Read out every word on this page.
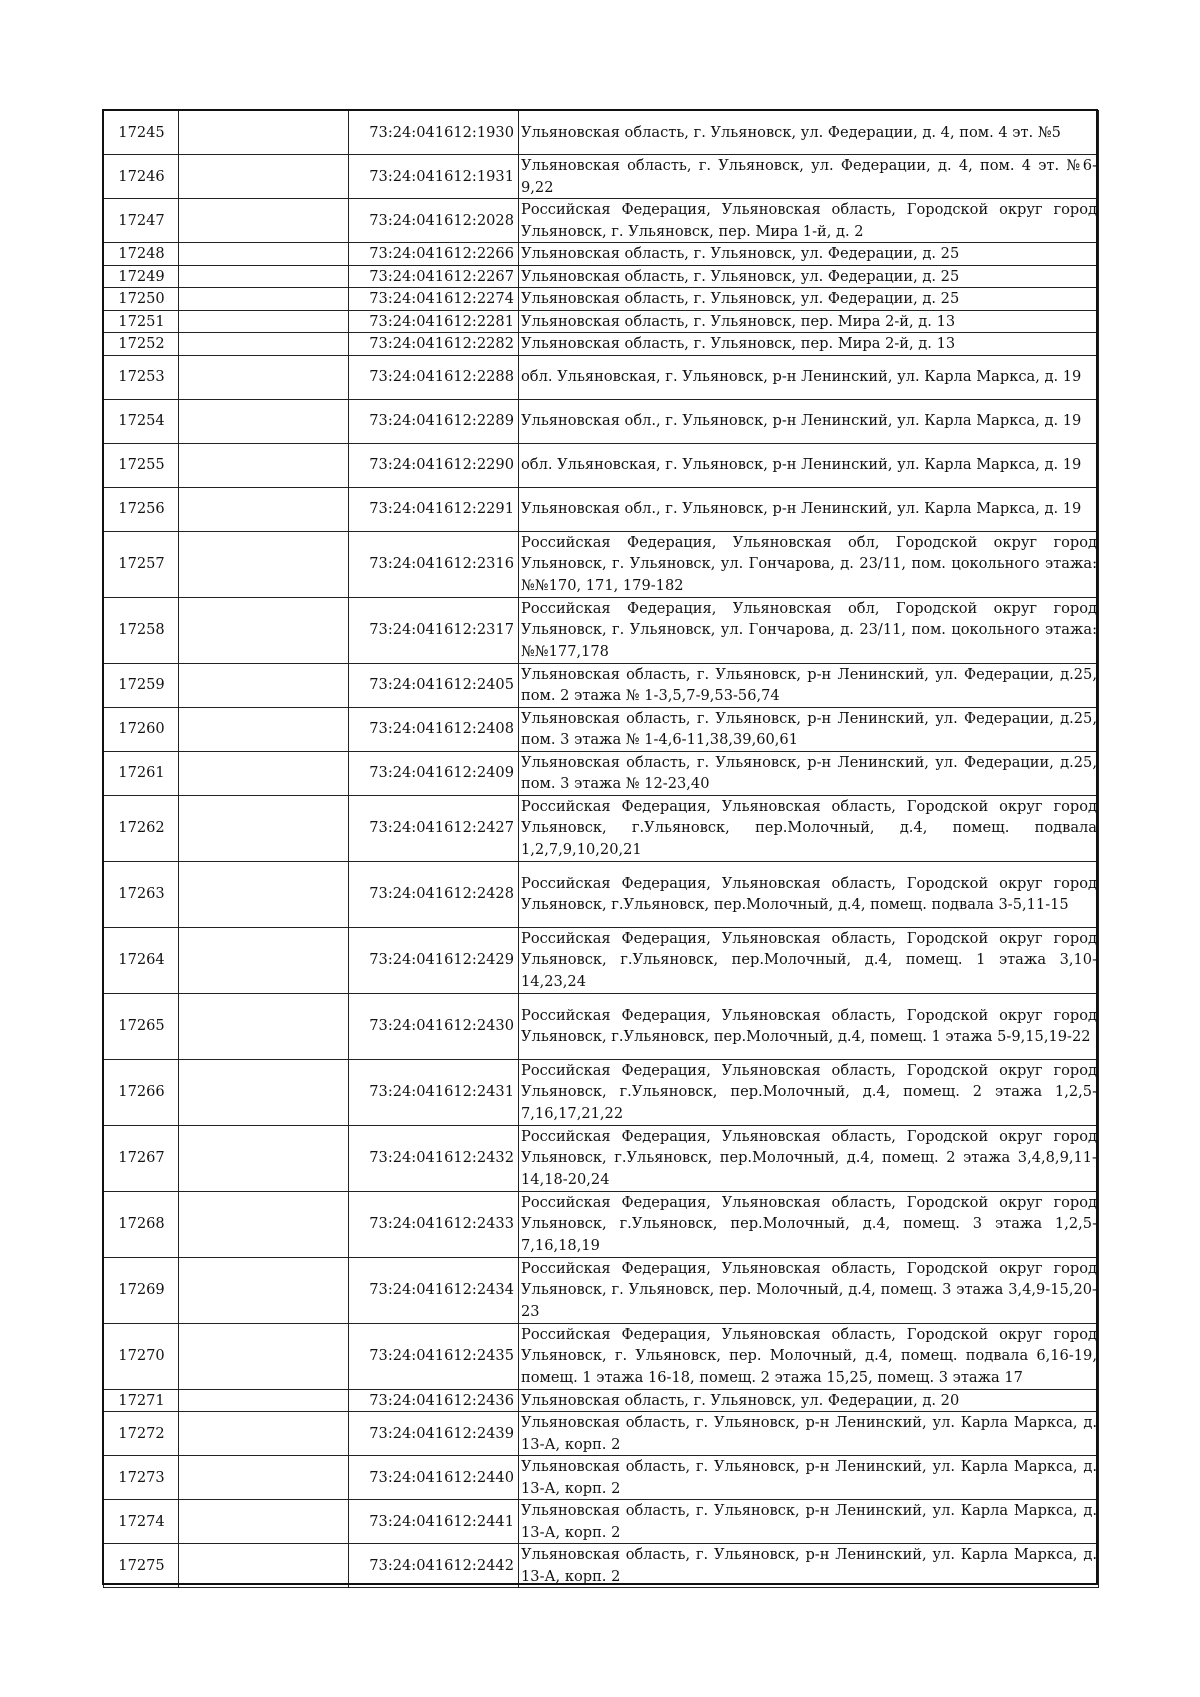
17245		73:24:041612:1930	Ульяновская область, г. Ульяновск, ул. Федерации, д. 4, пом. 4 эт. №5
17246		73:24:041612:1931	Ульяновская область, г. Ульяновск, ул. Федерации, д. 4, пом. 4 эт. №6-9,22
17247		73:24:041612:2028	Российская Федерация, Ульяновская область, Городской округ город Ульяновск, г. Ульяновск, пер. Мира 1-й, д. 2
17248		73:24:041612:2266	Ульяновская область, г. Ульяновск, ул. Федерации, д. 25
17249		73:24:041612:2267	Ульяновская область, г. Ульяновск, ул. Федерации, д. 25
17250		73:24:041612:2274	Ульяновская область, г. Ульяновск, ул. Федерации, д. 25
17251		73:24:041612:2281	Ульяновская область, г. Ульяновск, пер. Мира 2-й, д. 13
17252		73:24:041612:2282	Ульяновская область, г. Ульяновск, пер. Мира 2-й, д. 13
17253		73:24:041612:2288	обл. Ульяновская, г. Ульяновск, р-н Ленинский, ул. Карла Маркса, д. 19
17254		73:24:041612:2289	Ульяновская обл., г. Ульяновск, р-н Ленинский, ул. Карла Маркса, д. 19
17255		73:24:041612:2290	обл. Ульяновская, г. Ульяновск, р-н Ленинский, ул. Карла Маркса, д. 19
17256		73:24:041612:2291	Ульяновская обл., г. Ульяновск, р-н Ленинский, ул. Карла Маркса, д. 19
17257		73:24:041612:2316	Российская Федерация, Ульяновская обл, Городской округ город Ульяновск, г. Ульяновск, ул. Гончарова, д. 23/11, пом. цокольного этажа: №№170, 171, 179-182
17258		73:24:041612:2317	Российская Федерация, Ульяновская обл, Городской округ город Ульяновск, г. Ульяновск, ул. Гончарова, д. 23/11, пом. цокольного этажа: №№177,178
17259		73:24:041612:2405	Ульяновская область, г. Ульяновск, р-н Ленинский, ул. Федерации, д.25, пом. 2 этажа № 1-3,5,7-9,53-56,74
17260		73:24:041612:2408	Ульяновская область, г. Ульяновск, р-н Ленинский, ул. Федерации, д.25, пом. 3 этажа № 1-4,6-11,38,39,60,61
17261		73:24:041612:2409	Ульяновская область, г. Ульяновск, р-н Ленинский, ул. Федерации, д.25, пом. 3 этажа № 12-23,40
17262		73:24:041612:2427	Российская Федерация, Ульяновская область, Городской округ город Ульяновск, г.Ульяновск, пер.Молочный, д.4, помещ. подвала 1,2,7,9,10,20,21
17263		73:24:041612:2428	Российская Федерация, Ульяновская область, Городской округ город Ульяновск, г.Ульяновск, пер.Молочный, д.4, помещ. подвала 3-5,11-15
17264		73:24:041612:2429	Российская Федерация, Ульяновская область, Городской округ город Ульяновск, г.Ульяновск, пер.Молочный, д.4, помещ. 1 этажа 3,10-14,23,24
17265		73:24:041612:2430	Российская Федерация, Ульяновская область, Городской округ город Ульяновск, г.Ульяновск, пер.Молочный, д.4, помещ. 1 этажа 5-9,15,19-22
17266		73:24:041612:2431	Российская Федерация, Ульяновская область, Городской округ город Ульяновск, г.Ульяновск, пер.Молочный, д.4, помещ. 2 этажа 1,2,5-7,16,17,21,22
17267		73:24:041612:2432	Российская Федерация, Ульяновская область, Городской округ город Ульяновск, г.Ульяновск, пер.Молочный, д.4, помещ. 2 этажа 3,4,8,9,11-14,18-20,24
17268		73:24:041612:2433	Российская Федерация, Ульяновская область, Городской округ город Ульяновск, г.Ульяновск, пер.Молочный, д.4, помещ. 3 этажа 1,2,5-7,16,18,19
17269		73:24:041612:2434	Российская Федерация, Ульяновская область, Городской округ город Ульяновск, г. Ульяновск, пер. Молочный, д.4, помещ. 3 этажа 3,4,9-15,20-23
17270		73:24:041612:2435	Российская Федерация, Ульяновская область, Городской округ город Ульяновск, г. Ульяновск, пер. Молочный, д.4, помещ. подвала 6,16-19, помещ. 1 этажа 16-18, помещ. 2 этажа 15,25, помещ. 3 этажа 17
17271		73:24:041612:2436	Ульяновская область, г. Ульяновск, ул. Федерации, д. 20
17272		73:24:041612:2439	Ульяновская область, г. Ульяновск, р-н Ленинский, ул. Карла Маркса, д. 13-А, корп. 2
17273		73:24:041612:2440	Ульяновская область, г. Ульяновск, р-н Ленинский, ул. Карла Маркса, д. 13-А, корп. 2
17274		73:24:041612:2441	Ульяновская область, г. Ульяновск, р-н Ленинский, ул. Карла Маркса, д. 13-А, корп. 2
17275		73:24:041612:2442	Ульяновская область, г. Ульяновск, р-н Ленинский, ул. Карла Маркса, д. 13-А, корп. 2
